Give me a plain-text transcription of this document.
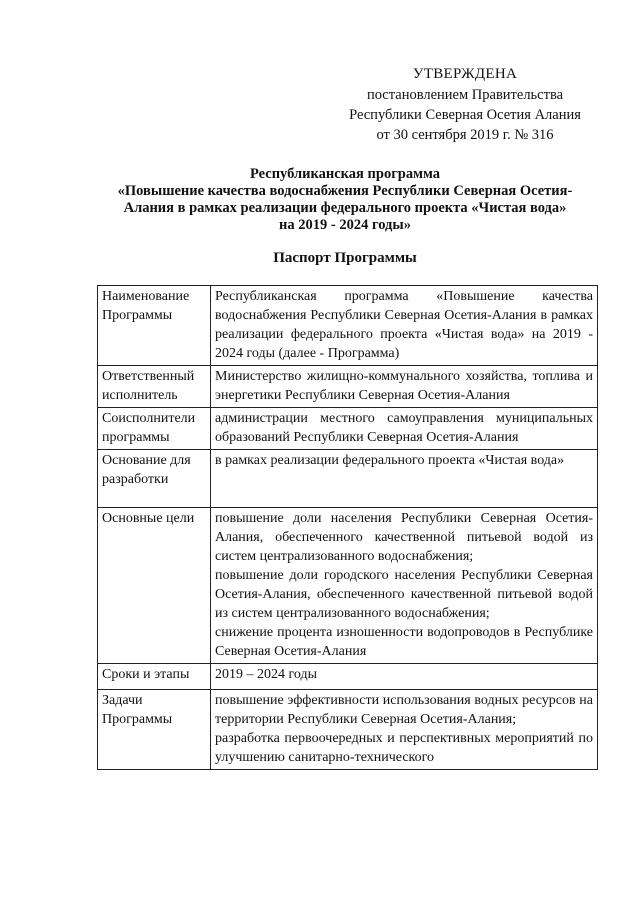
УТВЕРЖДЕНА
постановлением Правительства
Республики Северная Осетия Алания
от 30 сентября 2019 г. № 316
Республиканская программа
«Повышение качества водоснабжения Республики Северная Осетия-
Алания в рамках реализации федерального проекта «Чистая вода»
на 2019 - 2024 годы»
Паспорт Программы
Наименование Программы	Республиканская программа «Повышение качества водоснабжения Республики Северная Осетия-Алания в рамках реализации федерального проекта «Чистая вода» на 2019 - 2024 годы (далее - Программа)

Ответственный исполнитель	Министерство жилищно-коммунального хозяйства, топлива и энергетики Республики Северная Осетия-Алания

Соисполнители программы	администрации местного самоуправления муниципальных образований Республики Северная Осетия-Алания

Основание для разработки	в рамках реализации федерального проекта «Чистая вода»

Основные цели	повышение доли населения Республики Северная Осетия-Алания, обеспеченного качественной питьевой водой из систем централизованного водоснабжения;
повышение доли городского населения Республики Северная Осетия-Алания, обеспеченного качественной питьевой водой из систем централизованного водоснабжения;
снижение процента изношенности водопроводов в Республике Северная Осетия-Алания

Сроки и этапы	2019 – 2024 годы

Задачи Программы	повышение эффективности использования водных ресурсов на территории Республики Северная Осетия-Алания;
разработка первоочередных и перспективных мероприятий по улучшению санитарно-технического
